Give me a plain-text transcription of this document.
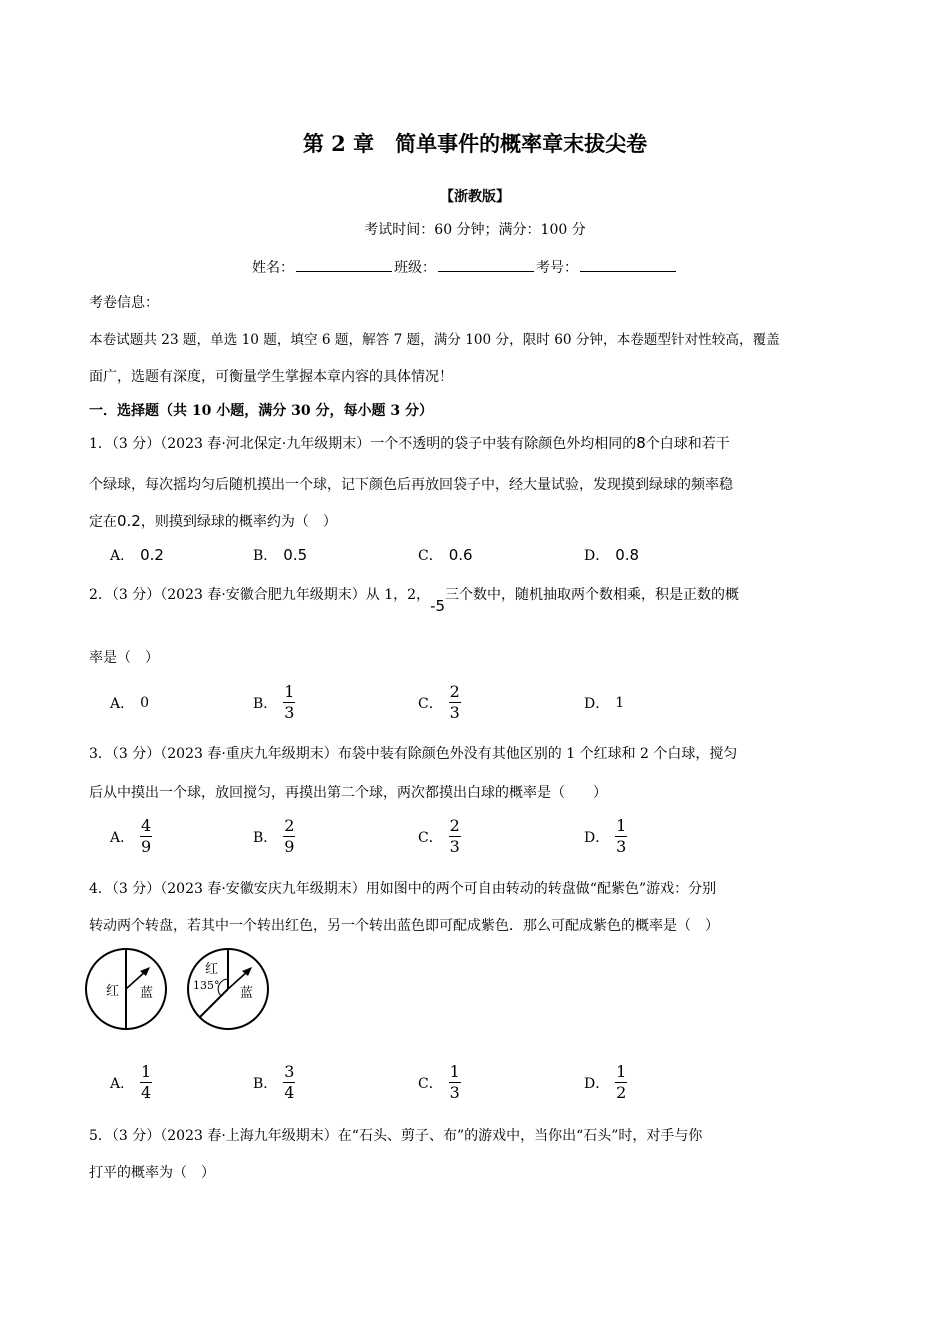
第 2 章　简单事件的概率章末拔尖卷
【浙教版】
考试时间：60 分钟；满分：100 分
姓名：	班级：	考号：
考卷信息：
本卷试题共 23 题，单选 10 题，填空 6 题，解答 7 题，满分 100 分，限时 60 分钟，本卷题型针对性较高，覆盖
面广，选题有深度，可衡量学生掌握本章内容的具体情况！
一．选择题（共 10 小题，满分 30 分，每小题 3 分）
1．（3 分）（2023 春·河北保定·九年级期末）一个不透明的袋子中装有除颜色外均相同的8个白球和若干
个绿球，每次摇均匀后随机摸出一个球，记下颜色后再放回袋子中，经大量试验，发现摸到绿球的频率稳
定在0.2，则摸到绿球的概率约为（　）
A． 0.2	B． 0.5	C． 0.6	D． 0.8
2．（3 分）（2023 春·安徽合肥九年级期末）从 1，2，-5三个数中，随机抽取两个数相乘，积是正数的概
率是（　）
A． 0	B． $\frac{1}{3}$	C． $\frac{2}{3}$	D． 1
3．（3 分）（2023 春·重庆九年级期末）布袋中装有除颜色外没有其他区别的 1 个红球和 2 个白球，搅匀
后从中摸出一个球，放回搅匀，再摸出第二个球，两次都摸出白球的概率是（　　）
A． $\frac{4}{9}$	B． $\frac{2}{9}$	C． $\frac{2}{3}$	D． $\frac{1}{3}$
4．（3 分）（2023 春·安徽安庆九年级期末）用如图中的两个可自由转动的转盘做“配紫色”游戏：分别
转动两个转盘，若其中一个转出红色，另一个转出蓝色即可配成紫色．那么可配成紫色的概率是（　）
红 蓝
红
135°
蓝
A． $\frac{1}{4}$	B． $\frac{3}{4}$	C． $\frac{1}{3}$	D． $\frac{1}{2}$
5．（3 分）（2023 春·上海九年级期末）在“石头、剪子、布”的游戏中，当你出“石头”时，对手与你
打平的概率为（　）
